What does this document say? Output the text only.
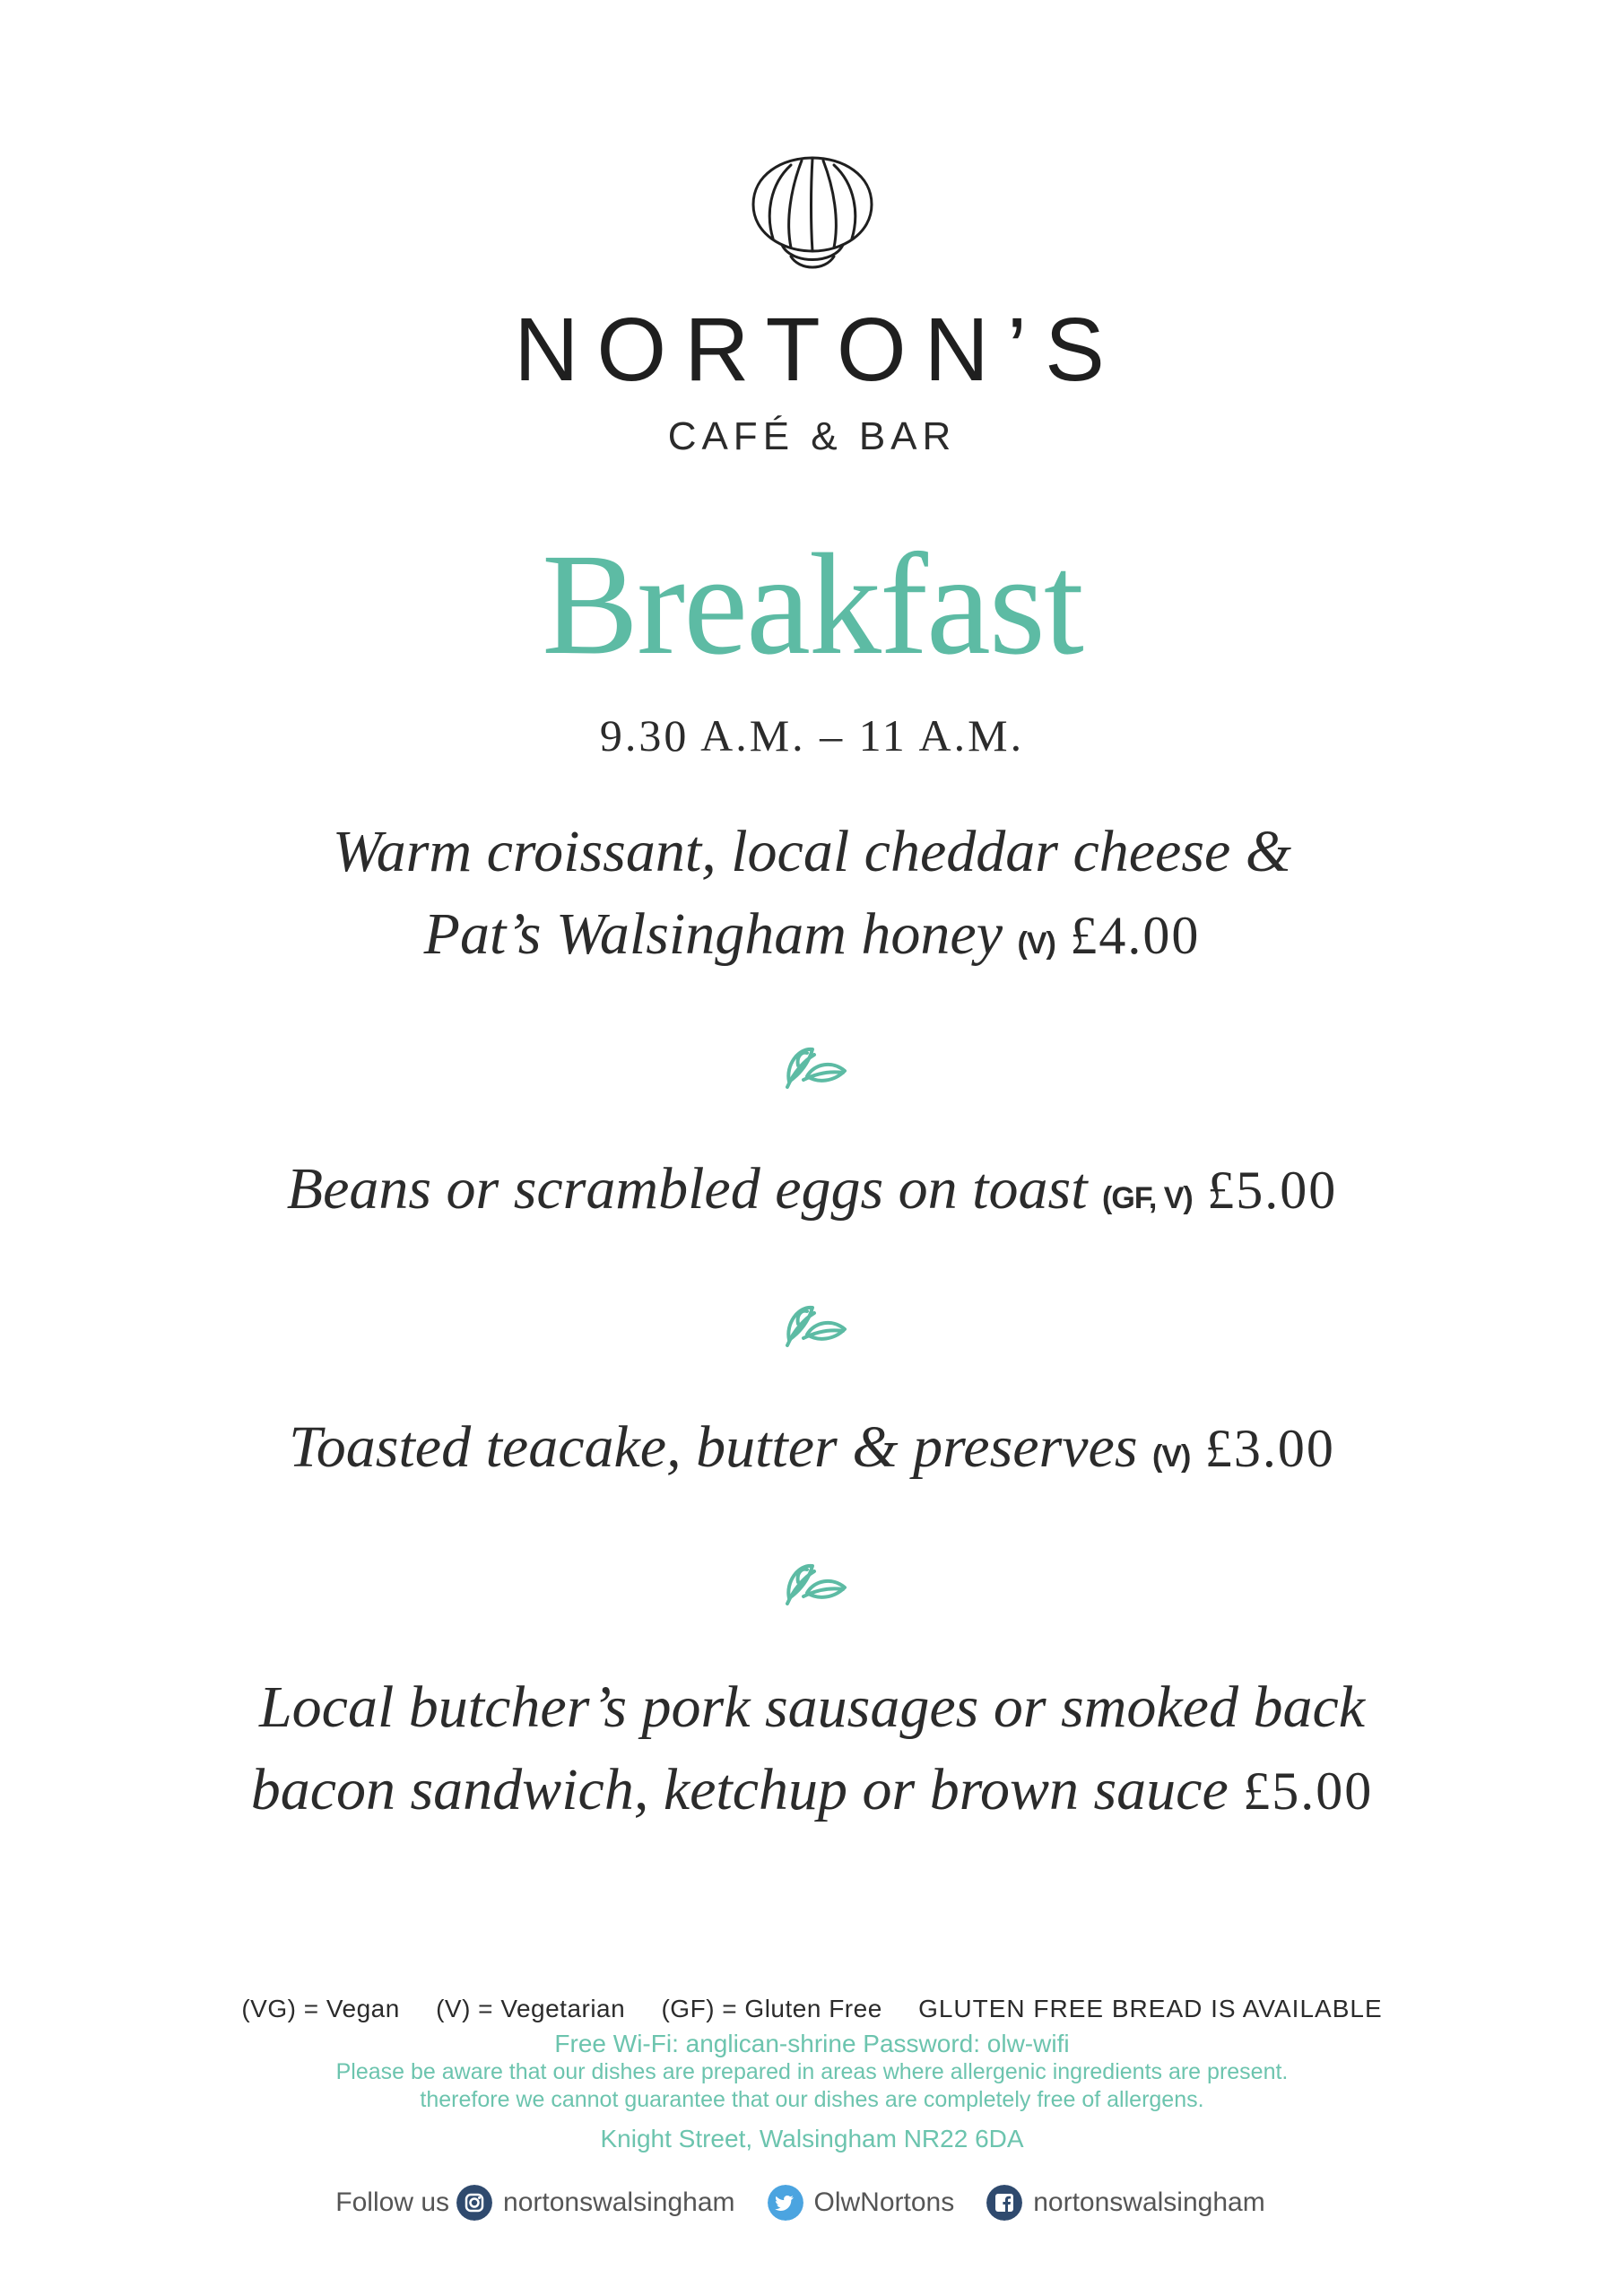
NORTON’S
CAFÉ & BAR
Breakfast
9.30 A.M. – 11 A.M.
Warm croissant, local cheddar cheese &
Pat’s Walsingham honey (V) £4.00
Beans or scrambled eggs on toast (GF, V) £5.00
Toasted teacake, butter & preserves (V) £3.00
Local butcher’s pork sausages or smoked back
bacon sandwich, ketchup or brown sauce £5.00
(VG) = Vegan (V) = Vegetarian (GF) = Gluten Free GLUTEN FREE BREAD IS AVAILABLE
Free Wi-Fi: anglican-shrine Password: olw-wifi
Please be aware that our dishes are prepared in areas where allergenic ingredients are present.
therefore we cannot guarantee that our dishes are completely free of allergens.
Knight Street, Walsingham NR22 6DA
Follow us nortonswalsingham	OlwNortons	nortonswalsingham
